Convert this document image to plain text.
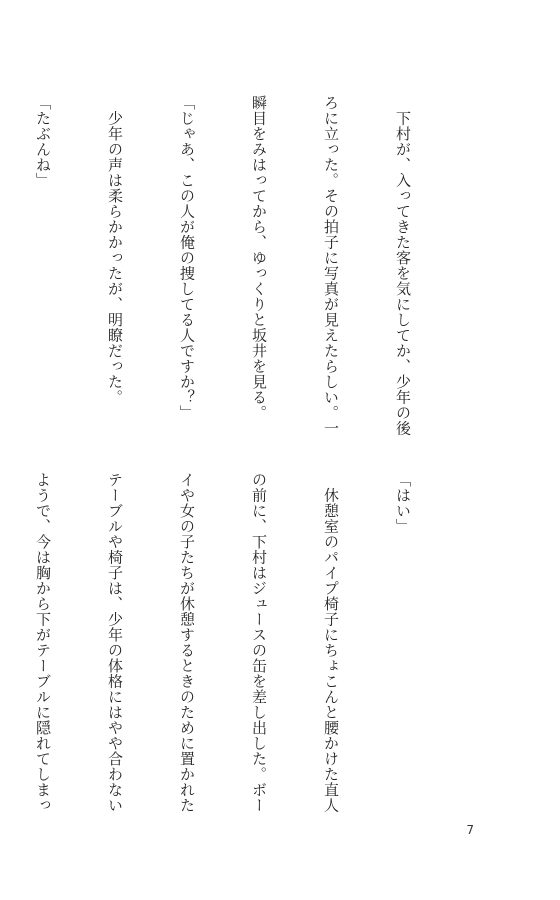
　下村が、入ってきた客を気にしてか、少年の後

ろに立った。その拍子に写真が見えたらしい。一

瞬目をみはってから、ゆっくりと坂井を見る。

「じゃあ、この人が俺の捜してる人ですか？」

　少年の声は柔らかかったが、明瞭だった。

「たぶんね」

「はい」

　休憩室のパイプ椅子にちょこんと腰かけた直人

の前に、下村はジュースの缶を差し出した。ボー

イや女の子たちが休憩するときのために置かれた

テーブルや椅子は、少年の体格にはやや合わない

ようで、今は胸から下がテーブルに隠れてしまっ

7
